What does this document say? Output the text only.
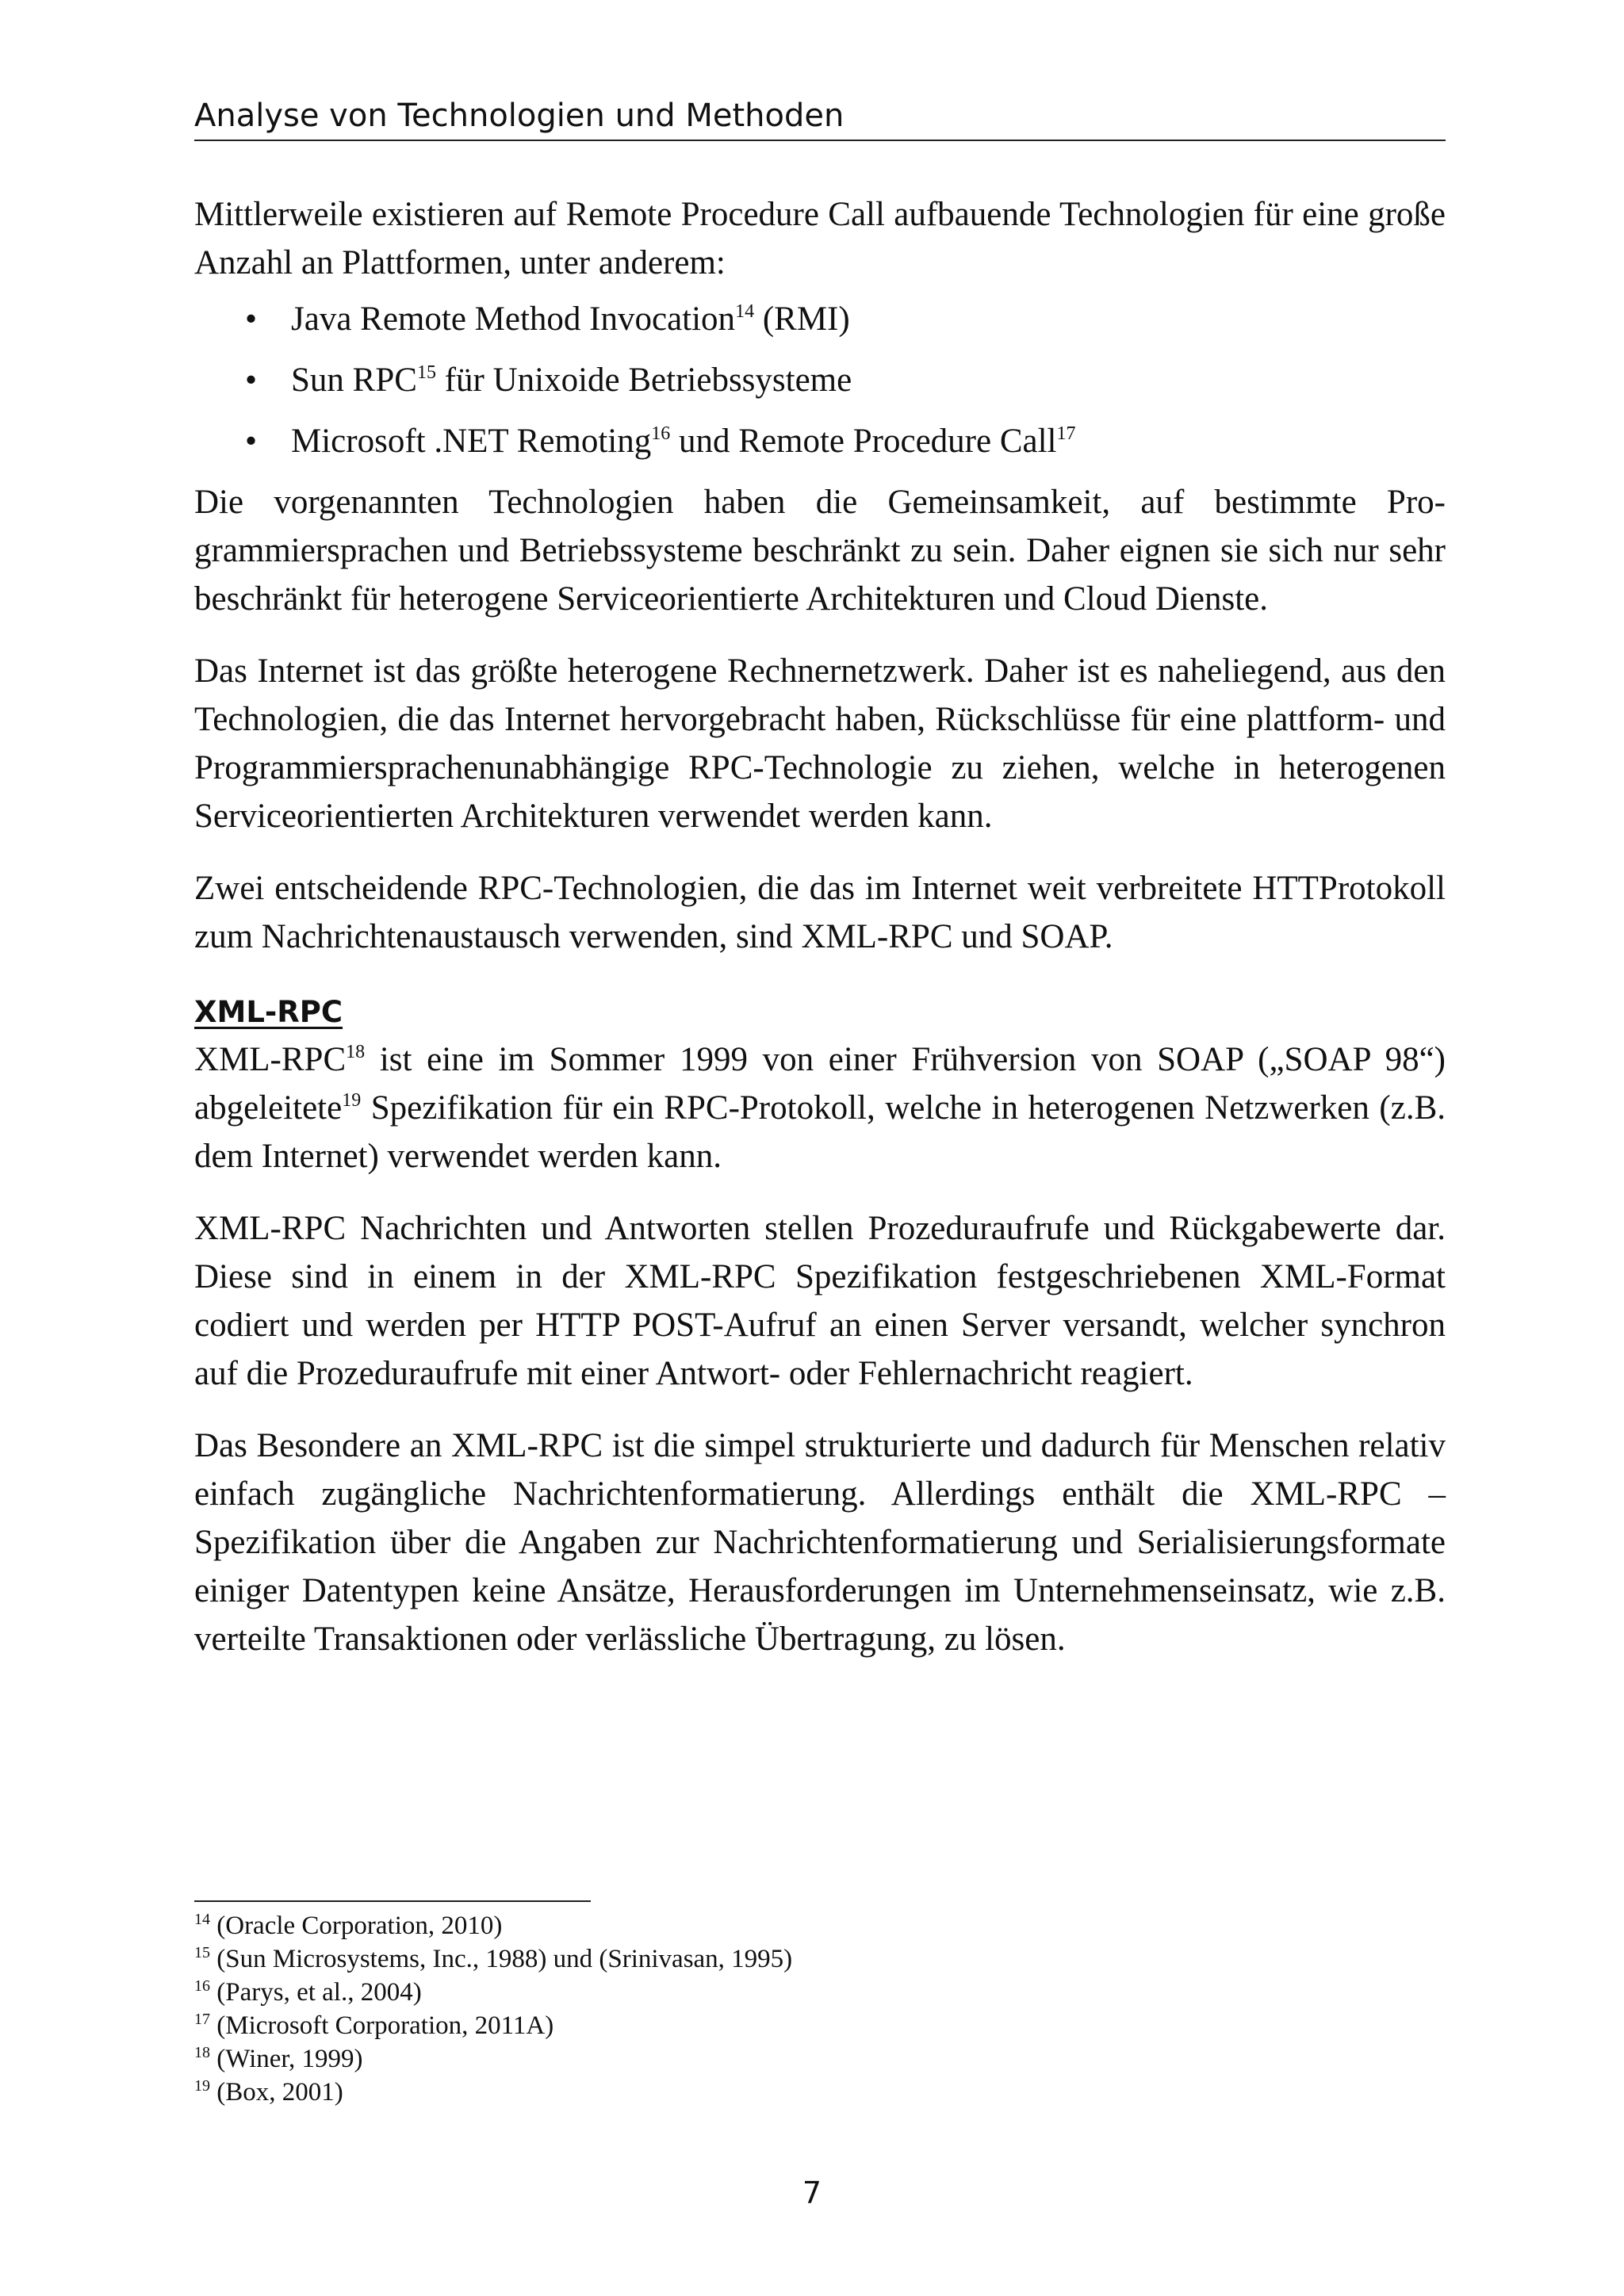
Analyse von Technologien und Methoden

Mittlerweile existieren auf Remote Procedure Call aufbauende Technologien für eine große Anzahl an Plattformen, unter anderem:

• Java Remote Method Invocation$^{14}$ (RMI)
• Sun RPC$^{15}$ für Unixoide Betriebssysteme
• Microsoft .NET Remoting$^{16}$ und Remote Procedure Call$^{17}$

Die vorgenannten Technologien haben die Gemeinsamkeit, auf bestimmte Programmiersprachen und Betriebssysteme beschränkt zu sein. Daher eignen sie sich nur sehr beschränkt für heterogene Serviceorientierte Architekturen und Cloud Dienste.

Das Internet ist das größte heterogene Rechnernetzwerk. Daher ist es naheliegend, aus den Technologien, die das Internet hervorgebracht haben, Rückschlüsse für eine plattform- und Programmiersprachenunabhängige RPC-Technologie zu ziehen, welche in heterogenen Serviceorientierten Architekturen verwendet werden kann.

Zwei entscheidende RPC-Technologien, die das im Internet weit verbreitete HTTProtokoll zum Nachrichtenaustausch verwenden, sind XML-RPC und SOAP.

XML-RPC

XML-RPC$^{18}$ ist eine im Sommer 1999 von einer Frühversion von SOAP („SOAP 98“) abgeleitete$^{19}$ Spezifikation für ein RPC-Protokoll, welche in heterogenen Netzwerken (z.B. dem Internet) verwendet werden kann.

XML-RPC Nachrichten und Antworten stellen Prozeduraufrufe und Rückgabewerte dar. Diese sind in einem in der XML-RPC Spezifikation festgeschriebenen XML-Format codiert und werden per HTTP POST-Aufruf an einen Server versandt, welcher synchron auf die Prozeduraufrufe mit einer Antwort- oder Fehlernachricht reagiert.

Das Besondere an XML-RPC ist die simpel strukturierte und dadurch für Menschen relativ einfach zugängliche Nachrichtenformatierung. Allerdings enthält die XML-RPC – Spezifikation über die Angaben zur Nachrichtenformatierung und Serialisierungsformate einiger Datentypen keine Ansätze, Herausforderungen im Unternehmenseinsatz, wie z.B. verteilte Transaktionen oder verlässliche Übertragung, zu lösen.

$^{14}$ (Oracle Corporation, 2010)
$^{15}$ (Sun Microsystems, Inc., 1988) und (Srinivasan, 1995)
$^{16}$ (Parys, et al., 2004)
$^{17}$ (Microsoft Corporation, 2011A)
$^{18}$ (Winer, 1999)
$^{19}$ (Box, 2001)
7
